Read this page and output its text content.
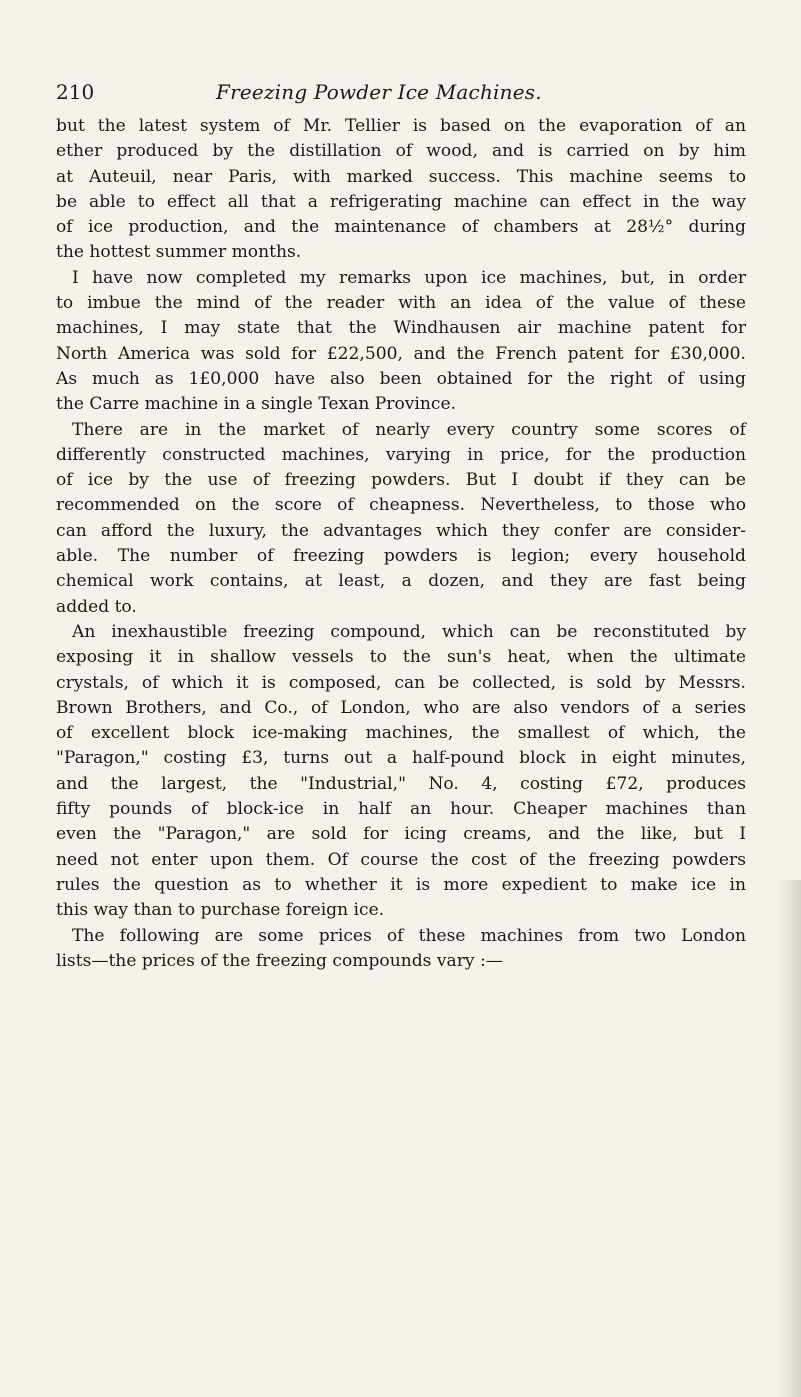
210	Freezing Powder Ice Machines.
but the latest system of Mr. Tellier is based on the evaporation of an
ether produced by the distillation of wood, and is carried on by him
at Auteuil, near Paris, with marked success. This machine seems to
be able to effect all that a refrigerating machine can effect in the way
of ice production, and the maintenance of chambers at 28½° during
the hottest summer months.
I have now completed my remarks upon ice machines, but, in order
to imbue the mind of the reader with an idea of the value of these
machines, I may state that the Windhausen air machine patent for
North America was sold for £22,500, and the French patent for £30,000.
As much as 1£0,000 have also been obtained for the right of using
the Carre machine in a single Texan Province.
There are in the market of nearly every country some scores of
differently constructed machines, varying in price, for the production
of ice by the use of freezing powders. But I doubt if they can be
recommended on the score of cheapness. Nevertheless, to those who
can afford the luxury, the advantages which they confer are consider-
able. The number of freezing powders is legion; every household
chemical work contains, at least, a dozen, and they are fast being
added to.
An inexhaustible freezing compound, which can be reconstituted by
exposing it in shallow vessels to the sun's heat, when the ultimate
crystals, of which it is composed, can be collected, is sold by Messrs.
Brown Brothers, and Co., of London, who are also vendors of a series
of excellent block ice-making machines, the smallest of which, the
"Paragon," costing £3, turns out a half-pound block in eight minutes,
and the largest, the "Industrial," No. 4, costing £72, produces
fifty pounds of block-ice in half an hour. Cheaper machines than
even the "Paragon," are sold for icing creams, and the like, but I
need not enter upon them. Of course the cost of the freezing powders
rules the question as to whether it is more expedient to make ice in
this way than to purchase foreign ice.
The following are some prices of these machines from two London
lists—the prices of the freezing compounds vary :—
